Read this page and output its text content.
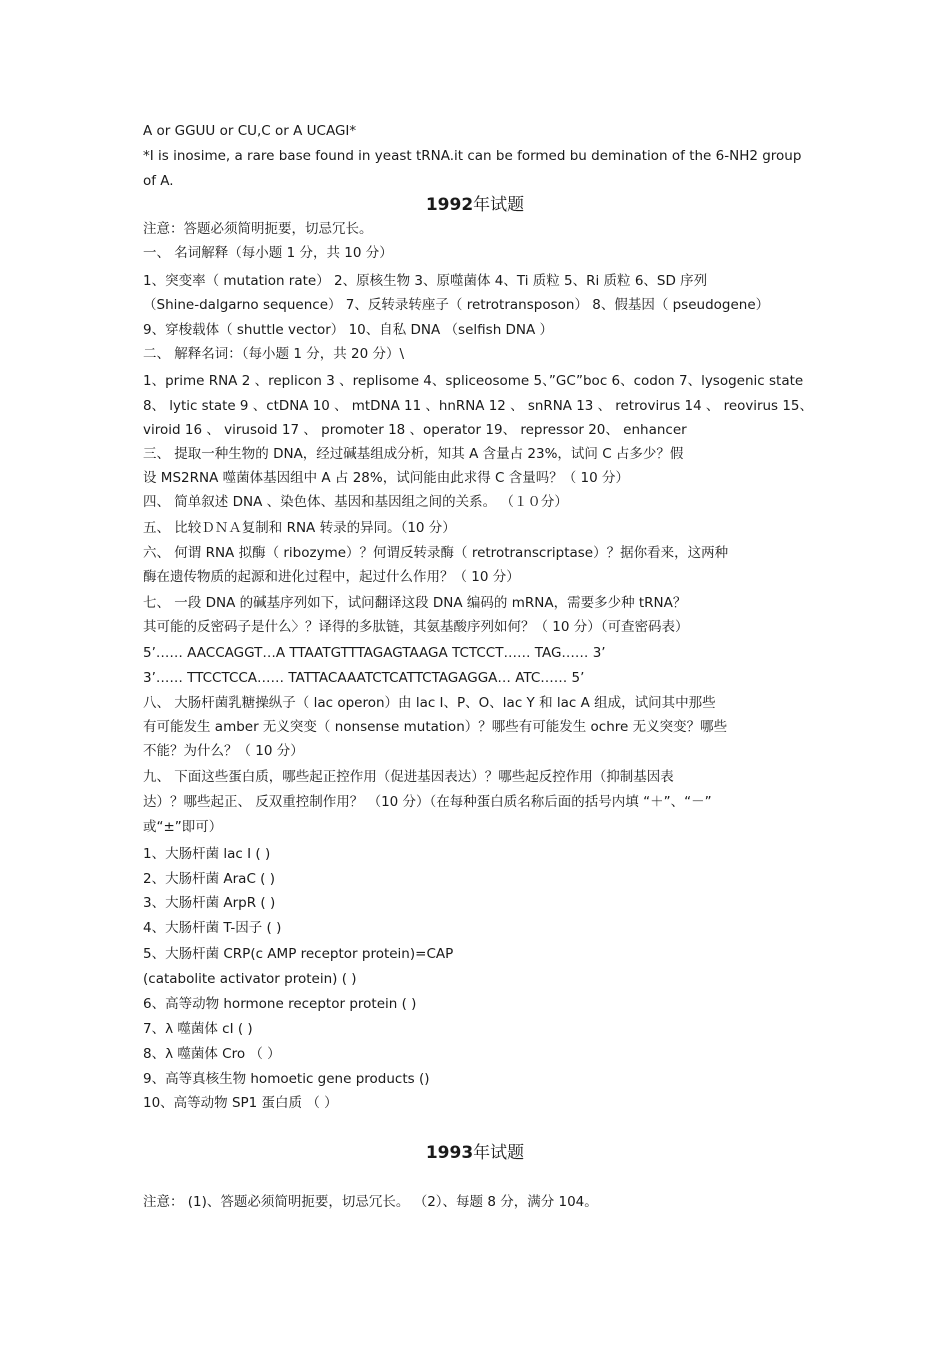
A or GGUU or CU,C or A UCAGI*
*I is inosime, a rare base found in yeast tRNA.it can be formed bu demination of the 6-NH2 group
of A.
1992年试题
注意：答题必须简明扼要，切忌冗长。
一、 名词解释（每小题 1 分，共 10 分）
1、突变率（ mutation rate） 2、原核生物 3、原噬菌体 4、Ti 质粒 5、Ri 质粒 6、SD 序列
（Shine-dalgarno sequence） 7、反转录转座子（ retrotransposon） 8、假基因（ pseudogene）
9、穿梭载体（ shuttle vector） 10、自私 DNA （selfish DNA ）
二、 解释名词：（每小题 1 分，共 20 分）\
1、prime RNA 2 、replicon 3 、replisome 4、spliceosome 5、”GC”boc 6、codon 7、lysogenic state
8、 lytic state 9 、ctDNA 10 、 mtDNA 11 、hnRNA 12 、 snRNA 13 、 retrovirus 14 、 reovirus 15、
viroid 16 、 virusoid 17 、 promoter 18 、operator 19、 repressor 20、 enhancer
三、 提取一种生物的 DNA，经过碱基组成分析，知其 A 含量占 23%，试问 C 占多少？假
设 MS2RNA 噬菌体基因组中 A 占 28%，试问能由此求得 C 含量吗？（ 10 分）
四、 简单叙述 DNA 、染色体、基因和基因组之间的关系。 （１０分）
五、 比较ＤＮＡ复制和 RNA 转录的异同。（10 分）
六、 何谓 RNA 拟酶（ ribozyme）？何谓反转录酶（ retrotranscriptase）？据你看来，这两种
酶在遗传物质的起源和进化过程中，起过什么作用？（ 10 分）
七、 一段 DNA 的碱基序列如下，试问翻译这段 DNA 编码的 mRNA，需要多少种 tRNA？
其可能的反密码子是什么〉？译得的多肽链，其氨基酸序列如何？（ 10 分）（可查密码表）
5’…… AACCAGGT…A TTAATGTTTAGAGTAAGA TCTCCT…… TAG…… 3’
3’…… TTCCTCCA…… TATTACAAATCTCATTCTAGAGGA… ATC…… 5’
八、 大肠杆菌乳糖操纵子（ lac operon）由 lac I、P、O、lac Y 和 lac A 组成，试问其中那些
有可能发生 amber 无义突变（ nonsense mutation）？哪些有可能发生 ochre 无义突变？哪些
不能？为什么？（ 10 分）
九、 下面这些蛋白质，哪些起正控作用（促进基因表达）？哪些起反控作用（抑制基因表
达）？哪些起正、 反双重控制作用？ （10 分）（在每种蛋白质名称后面的括号内填 “＋”、“－”
或“±”即可）
1、大肠杆菌 lac I ( )
2、大肠杆菌 AraC ( )
3、大肠杆菌 ArpR ( )
4、大肠杆菌 T-因子 ( )
5、大肠杆菌 CRP(c AMP receptor protein)=CAP
(catabolite activator protein) ( )
6、高等动物 hormone receptor protein ( )
7、λ 噬菌体 cI ( )
8、λ 噬菌体 Cro （ ）
9、高等真核生物 homoetic gene products ()
10、高等动物 SP1 蛋白质 （ ）
1993年试题
注意： (1)、答题必须简明扼要，切忌冗长。 （2）、每题 8 分，满分 104。
